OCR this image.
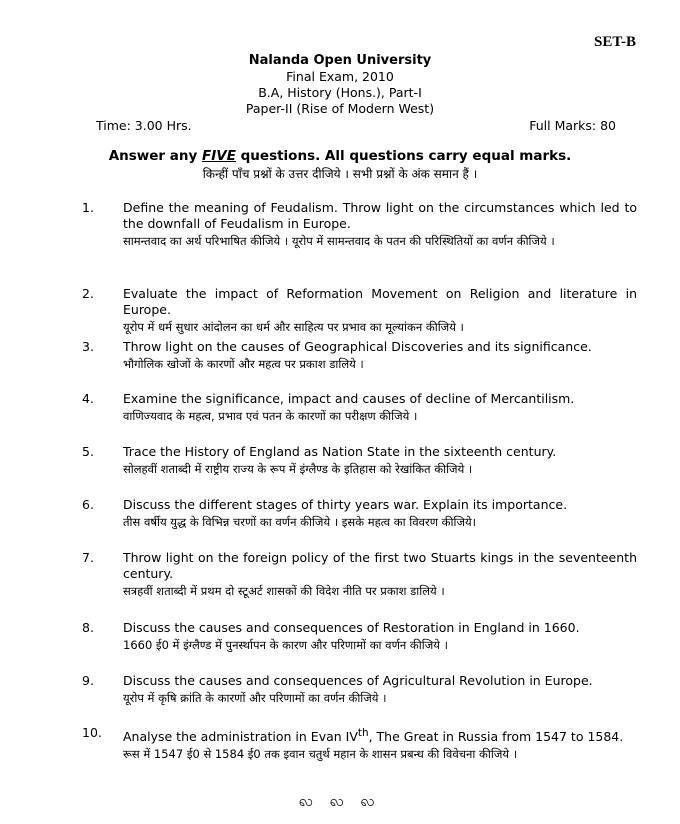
SET-B
Nalanda Open University
Final Exam, 2010
B.A, History (Hons.), Part-I
Paper-II (Rise of Modern West)
Time: 3.00 Hrs.	Full Marks: 80
Answer any FIVE questions. All questions carry equal marks.
किन्हीं पाँच प्रश्नों के उत्तर दीजिये । सभी प्रश्नों के अंक समान हैं ।
1. Define the meaning of Feudalism. Throw light on the circumstances which led to the downfall of Feudalism in Europe.
सामन्तवाद का अर्थ परिभाषित कीजिये । यूरोप में सामन्तवाद के पतन की परिस्थितियों का वर्णन कीजिये ।
2. Evaluate the impact of Reformation Movement on Religion and literature in Europe.
यूरोप में धर्म सुधार आंदोलन का धर्म और साहित्य पर प्रभाव का मूल्यांकन कीजिये ।
3. Throw light on the causes of Geographical Discoveries and its significance.
भौगोलिक खोजों के कारणों और महत्व पर प्रकाश डालिये ।
4. Examine the significance, impact and causes of decline of Mercantilism.
वाणिज्यवाद के महत्व, प्रभाव एवं पतन के कारणों का परीक्षण कीजिये ।
5. Trace the History of England as Nation State in the sixteenth century.
सोलहवीं शताब्दी में राष्ट्रीय राज्य के रूप में इंग्लैण्ड के इतिहास को रेखांकित कीजिये ।
6. Discuss the different stages of thirty years war. Explain its importance.
तीस वर्षीय युद्ध के विभिन्न चरणों का वर्णन कीजिये । इसके महत्व का विवरण कीजिये।
7. Throw light on the foreign policy of the first two Stuarts kings in the seventeenth century.
सत्रहवीं शताब्दी में प्रथम दो स्टूअर्ट शासकों की विदेश नीति पर प्रकाश डालिये ।
8. Discuss the causes and consequences of Restoration in England in 1660.
1660 ई0 में इंग्लैण्ड में पुनर्स्थापन के कारण और परिणामों का वर्णन कीजिये ।
9. Discuss the causes and consequences of Agricultural Revolution in Europe.
यूरोप में कृषि क्रांति के कारणों और परिणामों का वर्णन कीजिये ।
10. Analyse the administration in Evan IVth, The Great in Russia from 1547 to 1584.
रूस में 1547 ई0 से 1584 ई0 तक इवान चतुर्थ महान के शासन प्रबन्ध की विवेचना कीजिये ।
ꩮ ꩮ ꩮ
